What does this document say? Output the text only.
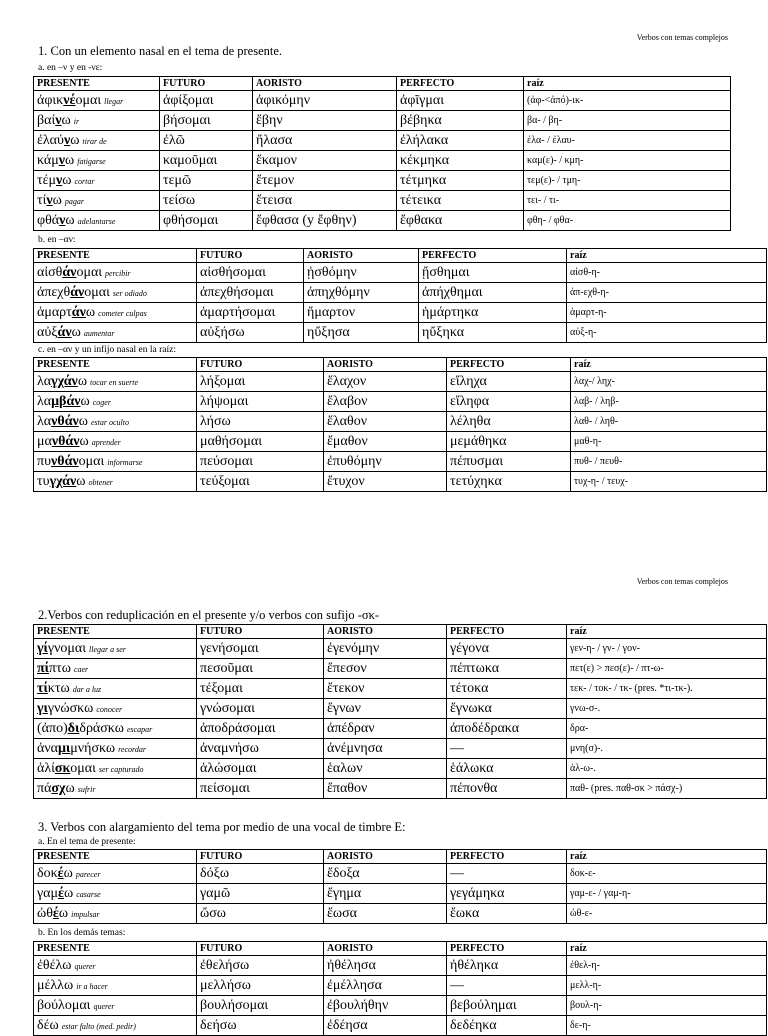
Verbos con temas complejos
1. Con un elemento nasal en el tema de presente.
a. en –ν y en -νε:
PRESENTE	FUTURO	AORISTO	PERFECTO	raíz
ἀφικνέομαι llegar	ἀφίξομαι	ἀφικόμην	ἀφῖγμαι	(ἀφ-<ἀπό)-ικ-
βαίνω ir	βήσομαι	ἔβην	βέβηκα	βα- / βη-
ἐλαύνω tirar de	ἐλῶ	ἤλασα	ἐλήλακα	ἐλα- / ἐλαυ-
κάμνω fatigarse	καμοῦμαι	ἔκαμον	κέκμηκα	καμ(ε)- / κμη-
τέμνω cortar	τεμῶ	ἔτεμον	τέτμηκα	τεμ(ε)- / τμη-
τίνω pagar	τείσω	ἔτεισα	τέτεικα	τει- / τι-
φθάνω adelantarse	φθήσομαι	ἔφθασα (y ἔφθην)	ἔφθακα	φθη- / φθα-
b. en –αν:
PRESENTE	FUTURO	AORISTO	PERFECTO	raíz
αἰσθάνομαι percibir	αἰσθήσομαι	ᾐσθόμην	ᾔσθημαι	αἰσθ-η-
ἀπεχθάνομαι ser odiado	ἀπεχθήσομαι	ἀπηχθόμην	ἀπήχθημαι	ἀπ-εχθ-η-
ἁμαρτάνω cometer culpas	ἁμαρτήσομαι	ἥμαρτον	ἡμάρτηκα	ἁμαρτ-η-
αὐξάνω aumentar	αὐξήσω	ηὔξησα	ηὔξηκα	αὐξ-η-
c. en –αν y un infijo nasal en la raíz:
PRESENTE	FUTURO	AORISTO	PERFECTO	raíz
λαγχάνω tocar en suerte	λήξομαι	ἔλαχον	εἴληχα	λαχ-/ ληχ-
λαμβάνω coger	λήψομαι	ἔλαβον	εἴληφα	λαβ- / ληβ-
λανθάνω estar oculto	λήσω	ἔλαθον	λέληθα	λαθ- / ληθ-
μανθάνω aprender	μαθήσομαι	ἔμαθον	μεμάθηκα	μαθ-η-
πυνθάνομαι informarse	πεύσομαι	ἐπυθόμην	πέπυσμαι	πυθ- / πευθ-
τυγχάνω obtener	τεύξομαι	ἔτυχον	τετύχηκα	τυχ-η- / τευχ-
Verbos con temas complejos
2.Verbos con reduplicación en el presente y/o verbos con sufijo -σκ-
PRESENTE	FUTURO	AORISTO	PERFECTO	raíz
γίγνομαι llegar a ser	γενήσομαι	ἐγενόμην	γέγονα	γεν-η- / γν- / γον-
πίπτω caer	πεσοῦμαι	ἔπεσον	πέπτωκα	πετ(ε) > πεσ(ε)- / πτ-ω-
τίκτω dar a luz	τέξομαι	ἔτεκον	τέτοκα	τεκ- / τοκ- / τκ- (pres. *τι-τκ-).
γιγνώσκω conocer	γνώσομαι	ἔγνων	ἔγνωκα	γνω-σ-.
(ἀπο)διδράσκω escapar	ἀποδράσομαι	ἀπέδραν	ἀποδέδρακα	δρα-
ἀναμιμνήσκω recordar	ἀναμνήσω	ἀνέμνησα	—	μνη(σ)-.
ἁλίσκομαι ser capturado	ἁλώσομαι	ἑαλων	ἑάλωκα	ἁλ-ω-.
πάσχω sufrir	πείσομαι	ἔπαθον	πέπονθα	παθ- (pres. παθ-σκ > πάσχ-)
3. Verbos con alargamiento del tema por medio de una vocal de timbre E:
a. En el tema de presente:
PRESENTE	FUTURO	AORISTO	PERFECTO	raíz
δοκέω parecer	δόξω	ἔδοξα	—	δοκ-ε-
γαμέω casarse	γαμῶ	ἔγημα	γεγάμηκα	γαμ-ε- / γαμ-η-
ὠθέω impulsar	ὤσω	ἔωσα	ἔωκα	ὠθ-ε-
b. En los demás temas:
PRESENTE	FUTURO	AORISTO	PERFECTO	raíz
ἐθέλω querer	ἐθελήσω	ἠθέλησα	ἠθέληκα	ἐθελ-η-
μέλλω ir a hacer	μελλήσω	ἐμέλλησα	—	μελλ-η-
βούλομαι querer	βουλήσομαι	ἐβουλήθην	βεβούλημαι	βουλ-η-
δέω estar falto (med. pedir)	δεήσω	ἐδέησα	δεδέηκα	δε-η-
